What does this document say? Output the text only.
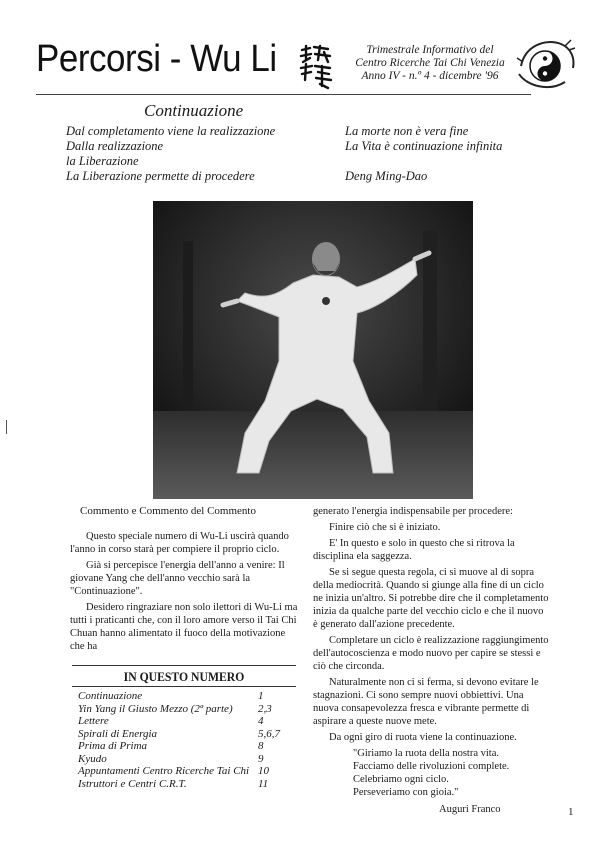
Percorsi - Wu Li	Trimestrale Informativo del
Centro Ricerche Tai Chi Venezia
Anno IV - n.º 4 - dicembre '96
Continuazione
Dal completamento viene la realizzazione
Dalla realizzazione
la Liberazione
La Liberazione permette di procedere
La morte non è vera fine
La Vita è continuazione infinita
Deng Ming-Dao
Commento e Commento del Commento

Questo speciale numero di Wu-Li uscirà quando l'anno in corso starà per compiere il proprio ciclo.

Già si percepisce l'energia dell'anno a venire: Il giovane Yang che dell'anno vecchio sarà la "Continuazione".

Desidero ringraziare non solo ilettori di Wu-Li ma tutti i praticanti che, con il loro amore verso il Tai Chi Chuan hanno alimentato il fuoco della motivazione che ha

generato l'energia indispensabile per procedere:

Finire ciò che si è iniziato.

E' In questo e solo in questo che si ritrova la disciplina ela saggezza.

Se si segue questa regola, ci si muove al di sopra della mediocrità. Quando si giunge alla fine di un ciclo ne inizia un'altro. Si potrebbe dire che il completamento inizia da qualche parte del vecchio ciclo e che il nuovo è generato dall'azione precedente.

Completare un ciclo è realizzazione raggiungimento dell'autocoscienza e modo nuovo per capire se stessi e ciò che circonda.

Naturalmente non ci si ferma, si devono evitare le stagnazioni. Ci sono sempre nuovi obbiettivi. Una nuova consapevolezza fresca e vibrante permette di aspirare a queste nuove mete.

Da ogni giro di ruota viene la continuazione.

"Giriamo la ruota della nostra vita.

Facciamo delle rivoluzioni complete.

Celebriamo ogni ciclo.

Perseveriamo con gioia."

Auguri Franco

IN QUESTO NUMERO
Continuazione	1
Yin Yang il Giusto Mezzo (2ª parte) 2,3
Lettere	4
Spirali di Energia	5,6,7
Prima di Prima	8
Kyudo	9
Appuntamenti Centro Ricerche Tai Chi 10
Istruttori e Centri C.R.T.	11
1
